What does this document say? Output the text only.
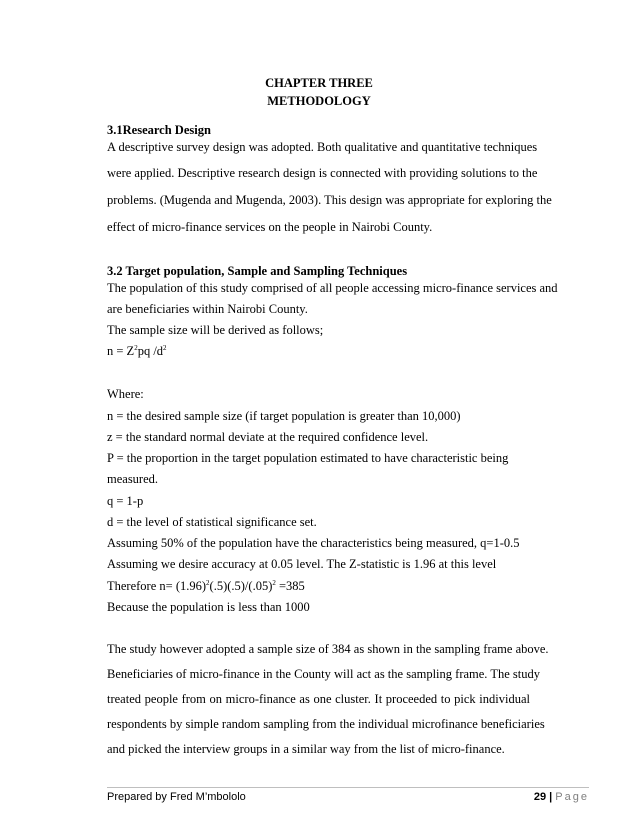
CHAPTER THREE
METHODOLOGY
3.1Research Design
A descriptive survey design was adopted. Both qualitative and quantitative techniques
were applied. Descriptive research design is connected with providing solutions to the
problems. (Mugenda and Mugenda, 2003). This design was appropriate for exploring the
effect of micro-finance services on the people in Nairobi County.
3.2 Target population, Sample and Sampling Techniques
The population of this study comprised of all people accessing micro-finance services and
are beneficiaries within Nairobi County.
The sample size will be derived as follows;
$n = Z^2pq$ $/d^2$
Where:
n = the desired sample size (if target population is greater than 10,000)
z = the standard normal deviate at the required confidence level.
P = the proportion in the target population estimated to have characteristic being
measured.
q = 1-p
d = the level of statistical significance set.
Assuming 50% of the population have the characteristics being measured, q=1-0.5
Assuming we desire accuracy at 0.05 level. The Z-statistic is 1.96 at this level
Therefore $n= (1.96)^2(.5)(.5)/(.05)^2 =385$
Because the population is less than 1000
The study however adopted a sample size of 384 as shown in the sampling frame above.
Beneficiaries of micro-finance in the County will act as the sampling frame. The study
treated people from on micro-finance as one cluster. It proceeded to pick individual
respondents by simple random sampling from the individual microfinance beneficiaries
and picked the interview groups in a similar way from the list of micro-finance.
Prepared by Fred M’mbololo	29 | Page
